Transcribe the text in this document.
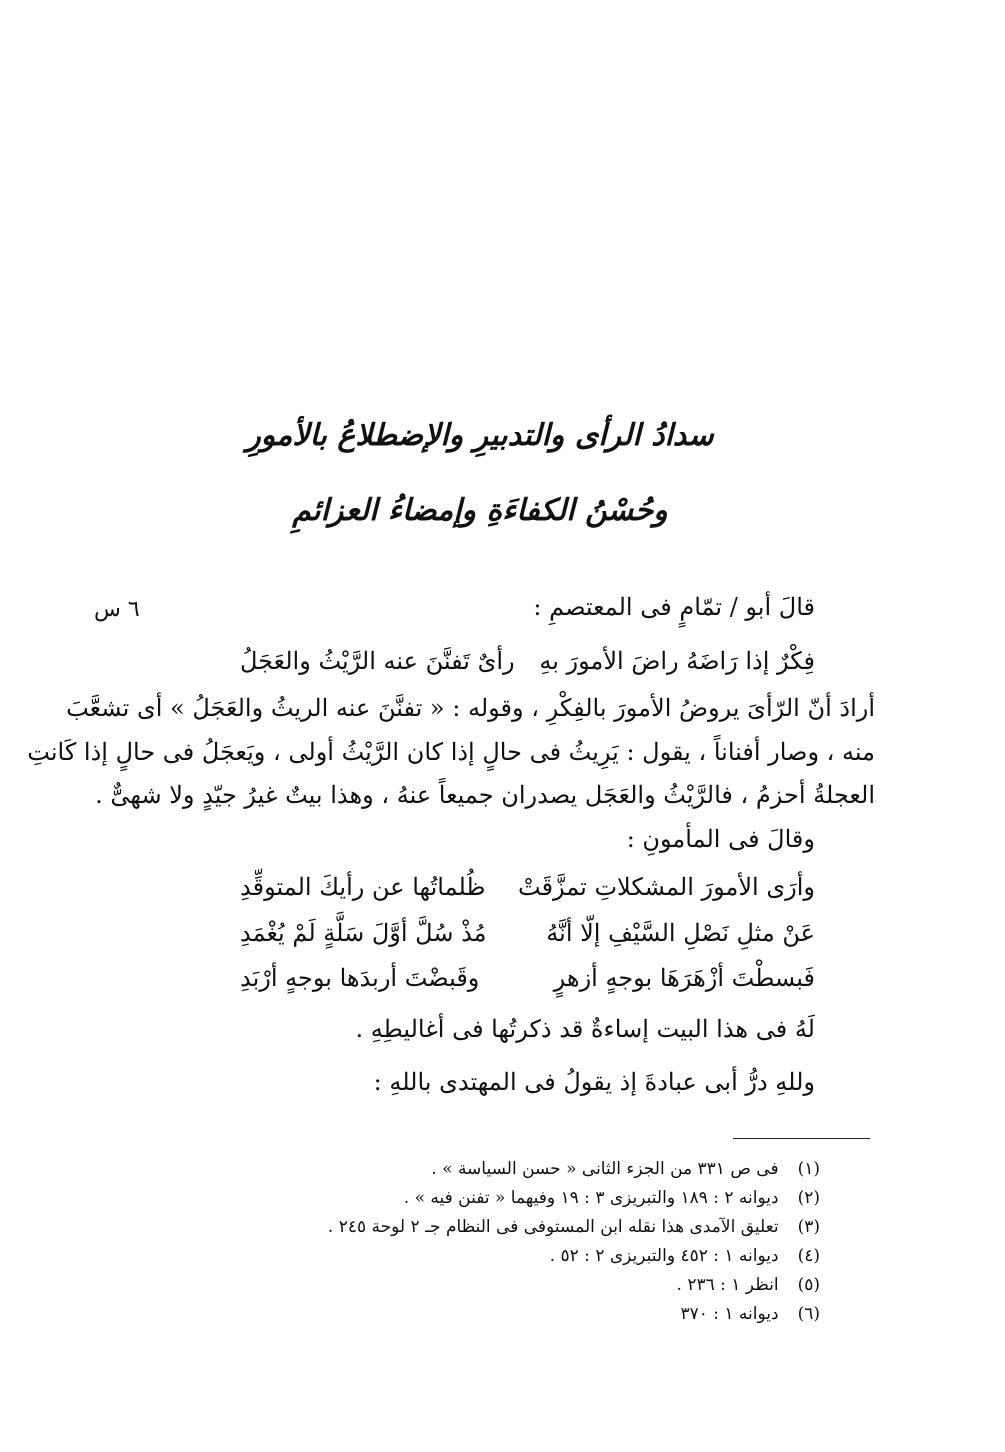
سدادُ الرأى والتدبيرِ والإضطلاعُ بالأمورِ
وحُسْنُ الكفاءَةِ وإمضاءُ العزائمِ
٦ س	قالَ أبو / تمّامٍ فى المعتصمِ :
فِكْرٌ إذا رَاضَهُ راضَ الأمورَ بهِ
رأىٌ تَفنَّنَ عنه الرَّيْثُ والعَجَلُ
أرادَ أنّ الرّأىَ يروضُ الأمورَ بالفِكْرِ ، وقوله : « تفنَّنَ عنه الريثُ والعَجَلُ » أى تشعَّبَ
منه ، وصار أفناناً ، يقول : يَرِيثُ فى حالٍ إذا كان الرَّيْثُ أولى ، ويَعجَلُ فى حالٍ إذا كَانتِ
العجلةُ أحزمُ ، فالرَّيْثُ والعَجَل يصدران جميعاً عنهُ ، وهذا بيتٌ غيرُ جيّدٍ ولا شهىٌّ .
وقالَ فى المأمونِ :
وأرَى الأمورَ المشكلاتِ تمزَّقَتْ
ظُلماتُها عن رأيكَ المتوقِّدِ
عَنْ مثلِ نَصْلِ السَّيْفِ إلّا أنَّهُ
مُذْ سُلَّ أوَّلَ سَلَّةٍ لَمْ يُغْمَدِ
فَبسطْتَ أزْهَرَهَا بوجهٍ أزهرٍ
وقَبضْتَ أربدَها بوجهٍ أرْبَدِ
لَهُ فى هذا البيت إساءةٌ قد ذكرتُها فى أغاليطِهِ .
وللهِ درُّ أبى عبادةَ إذ يقولُ فى المهتدى باللهِ :
(١) فى ص ٣٣١ من الجزء الثانى « حسن السياسة » .
(٢) ديوانه ٢ : ١٨٩ والتبريزى ٣ : ١٩ وفيهما « تفنن فيه » .
(٣) تعليق الآمدى هذا نقله ابن المستوفى فى النظام جـ ٢ لوحة ٢٤٥ .
(٤) ديوانه ١ : ٤٥٢ والتبريزى ٢ : ٥٢ .
(٥) انظر ١ : ٢٣٦ .
(٦) ديوانه ١ : ٣٧٠
